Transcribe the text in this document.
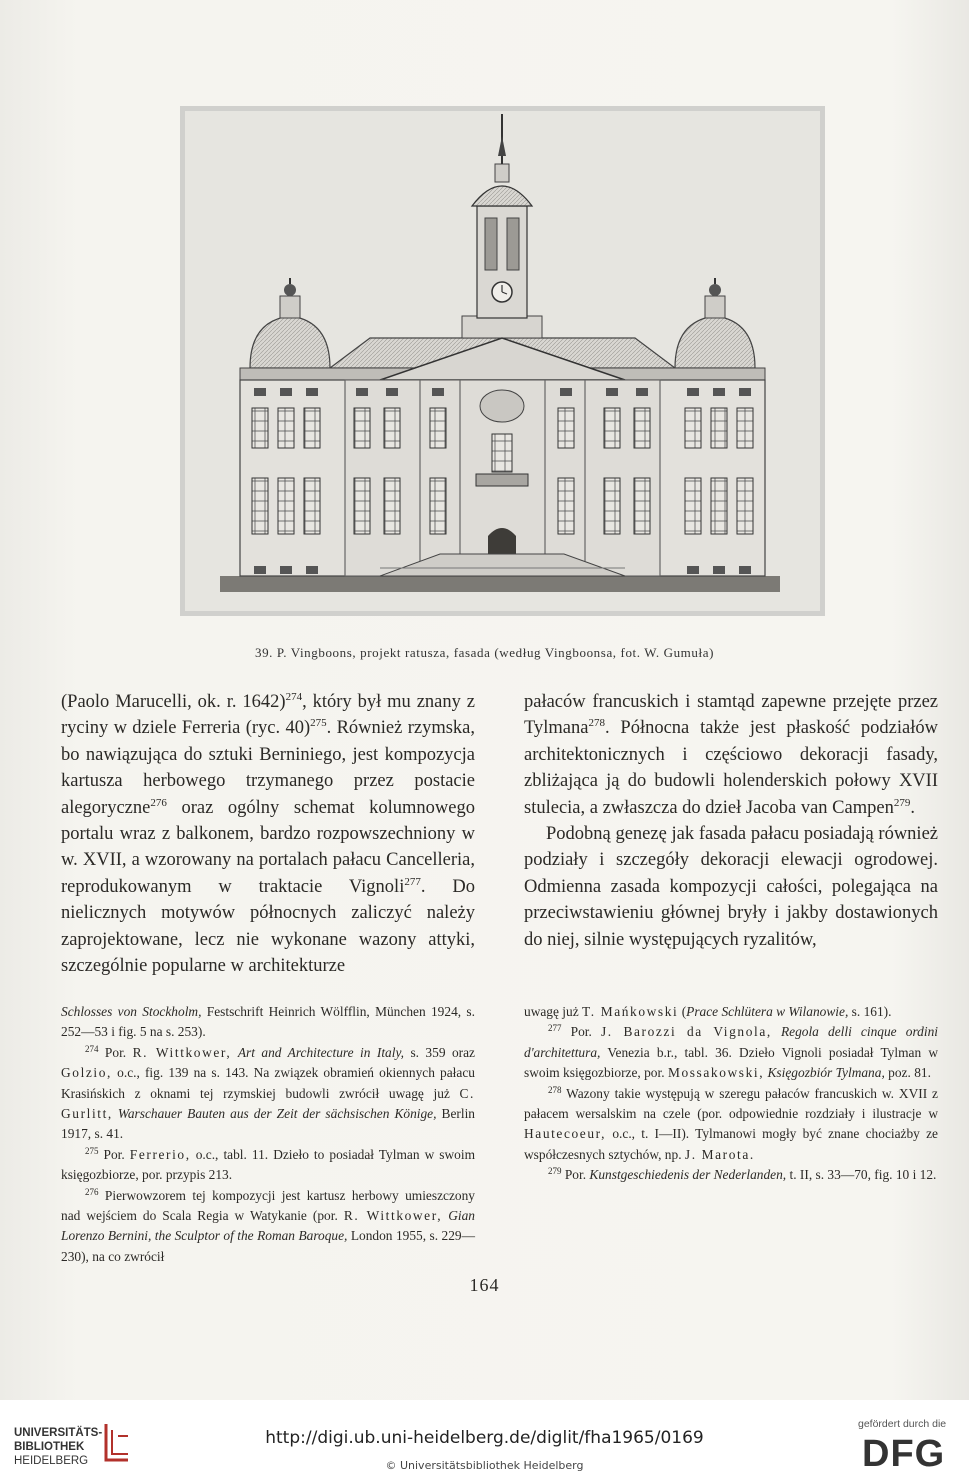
39. P. Vingboons, projekt ratusza, fasada (według Vingboonsa, fot. W. Gumuła)

(Paolo Marucelli, ok. r. 1642)$^{274}$, który był mu znany z ryciny w dziele Ferreria (ryc. 40)$^{275}$. Również rzymska, bo nawiązująca do sztuki Berniniego, jest kompozycja kartusza herbowego trzymanego przez postacie alegoryczne$^{276}$ oraz ogólny schemat kolumnowego portalu wraz z balkonem, bardzo rozpowszechniony w w. XVII, a wzorowany na portalach pałacu Cancelleria, reprodukowanym w traktacie Vignoli$^{277}$. Do nielicznych motywów północnych zaliczyć należy zaprojektowane, lecz nie wykonane wazony attyki, szczególnie popularne w architekturze

pałaców francuskich i stamtąd zapewne przejęte przez Tylmana$^{278}$. Północna także jest płaskość podziałów architektonicznych i częściowo dekoracji fasady, zbliżająca ją do budowli holenderskich połowy XVII stulecia, a zwłaszcza do dzieł Jacoba van Campen$^{279}$.

Podobną genezę jak fasada pałacu posiadają również podziały i szczegóły dekoracji elewacji ogrodowej. Odmienna zasada kompozycji całości, polegająca na przeciwstawieniu głównej bryły i jakby dostawionych do niej, silnie występujących ryzalitów,

Schlosses von Stockholm, Festschrift Heinrich Wölfflin, München 1924, s. 252—53 i fig. 5 na s. 253).

$^{274}$ Por. R. Wittkower, Art and Architecture in Italy, s. 359 oraz Golzio, o.c., fig. 139 na s. 143. Na związek obramień okiennych pałacu Krasińskich z oknami tej rzymskiej budowli zwrócił uwagę już C. Gurlitt, Warschauer Bauten aus der Zeit der sächsischen Könige, Berlin 1917, s. 41.

$^{275}$ Por. Ferrerio, o.c., tabl. 11. Dzieło to posiadał Tylman w swoim księgozbiorze, por. przypis 213.

$^{276}$ Pierwowzorem tej kompozycji jest kartusz herbowy umieszczony nad wejściem do Scala Regia w Watykanie (por. R. Wittkower, Gian Lorenzo Bernini, the Sculptor of the Roman Baroque, London 1955, s. 229—230), na co zwrócił

uwagę już T. Mańkowski (Prace Schlütera w Wilanowie, s. 161).

$^{277}$ Por. J. Barozzi da Vignola, Regola delli cinque ordini d'architettura, Venezia b.r., tabl. 36. Dzieło Vignoli posiadał Tylman w swoim księgozbiorze, por. Mossakowski, Księgozbiór Tylmana, poz. 81.

$^{278}$ Wazony takie występują w szeregu pałaców francuskich w. XVII z pałacem wersalskim na czele (por. odpowiednie rozdziały i ilustracje w Hautecoeur, o.c., t. I—II). Tylmanowi mogły być znane chociażby ze współczesnych sztychów, np. J. Marota.

$^{279}$ Por. Kunstgeschiedenis der Nederlanden, t. II, s. 33—70, fig. 10 i 12.

164
UNIVERSITÄTS-
BIBLIOTHEK
HEIDELBERG
http://digi.ub.uni-heidelberg.de/diglit/fha1965/0169
© Universitätsbibliothek Heidelberg
gefördert durch die
DFG
